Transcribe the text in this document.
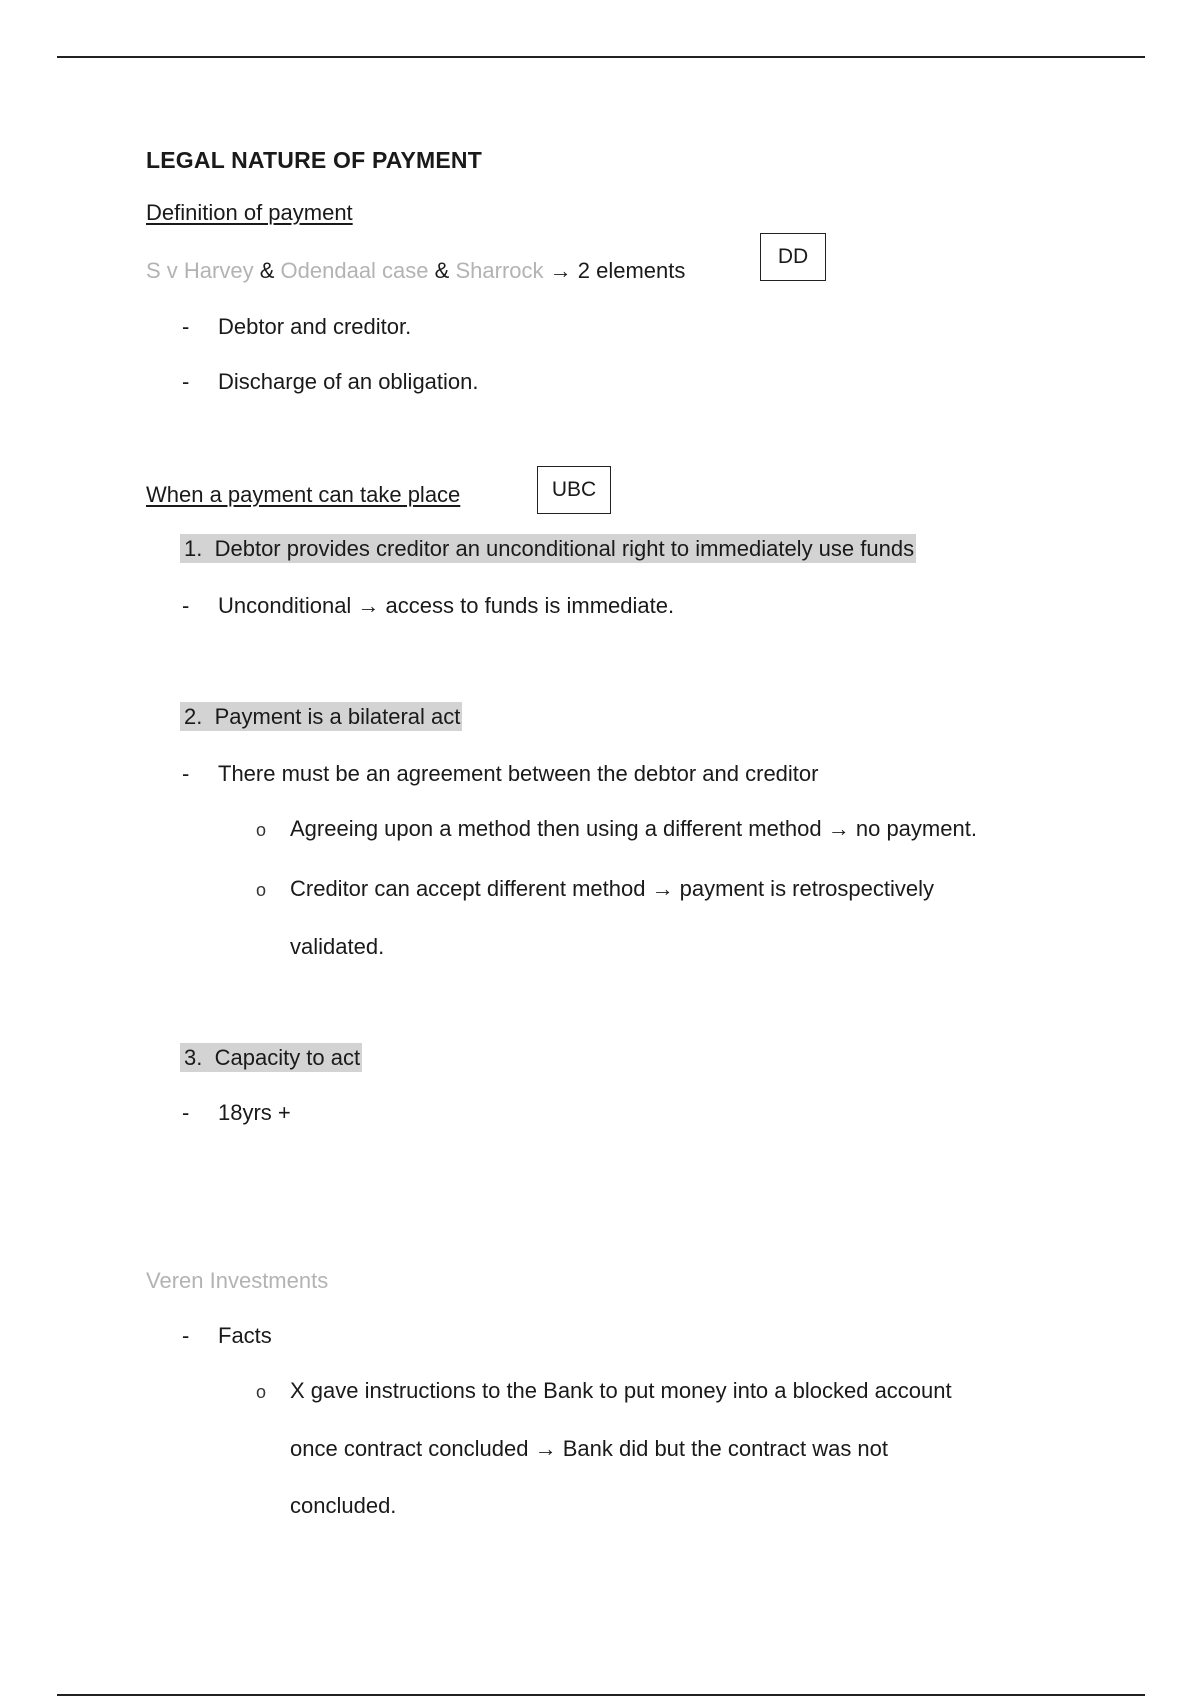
LEGAL NATURE OF PAYMENT
Definition of payment
S v Harvey & Odendaal case & Sharrock → 2 elements
DD
- Debtor and creditor.
- Discharge of an obligation.
When a payment can take place	UBC
1. Debtor provides creditor an unconditional right to immediately use funds
- Unconditional → access to funds is immediate.
2. Payment is a bilateral act
- There must be an agreement between the debtor and creditor
o Agreeing upon a method then using a different method → no payment.
o Creditor can accept different method → payment is retrospectively
validated.
3. Capacity to act
- 18yrs +
Veren Investments
- Facts
o X gave instructions to the Bank to put money into a blocked account
once contract concluded → Bank did but the contract was not
concluded.
